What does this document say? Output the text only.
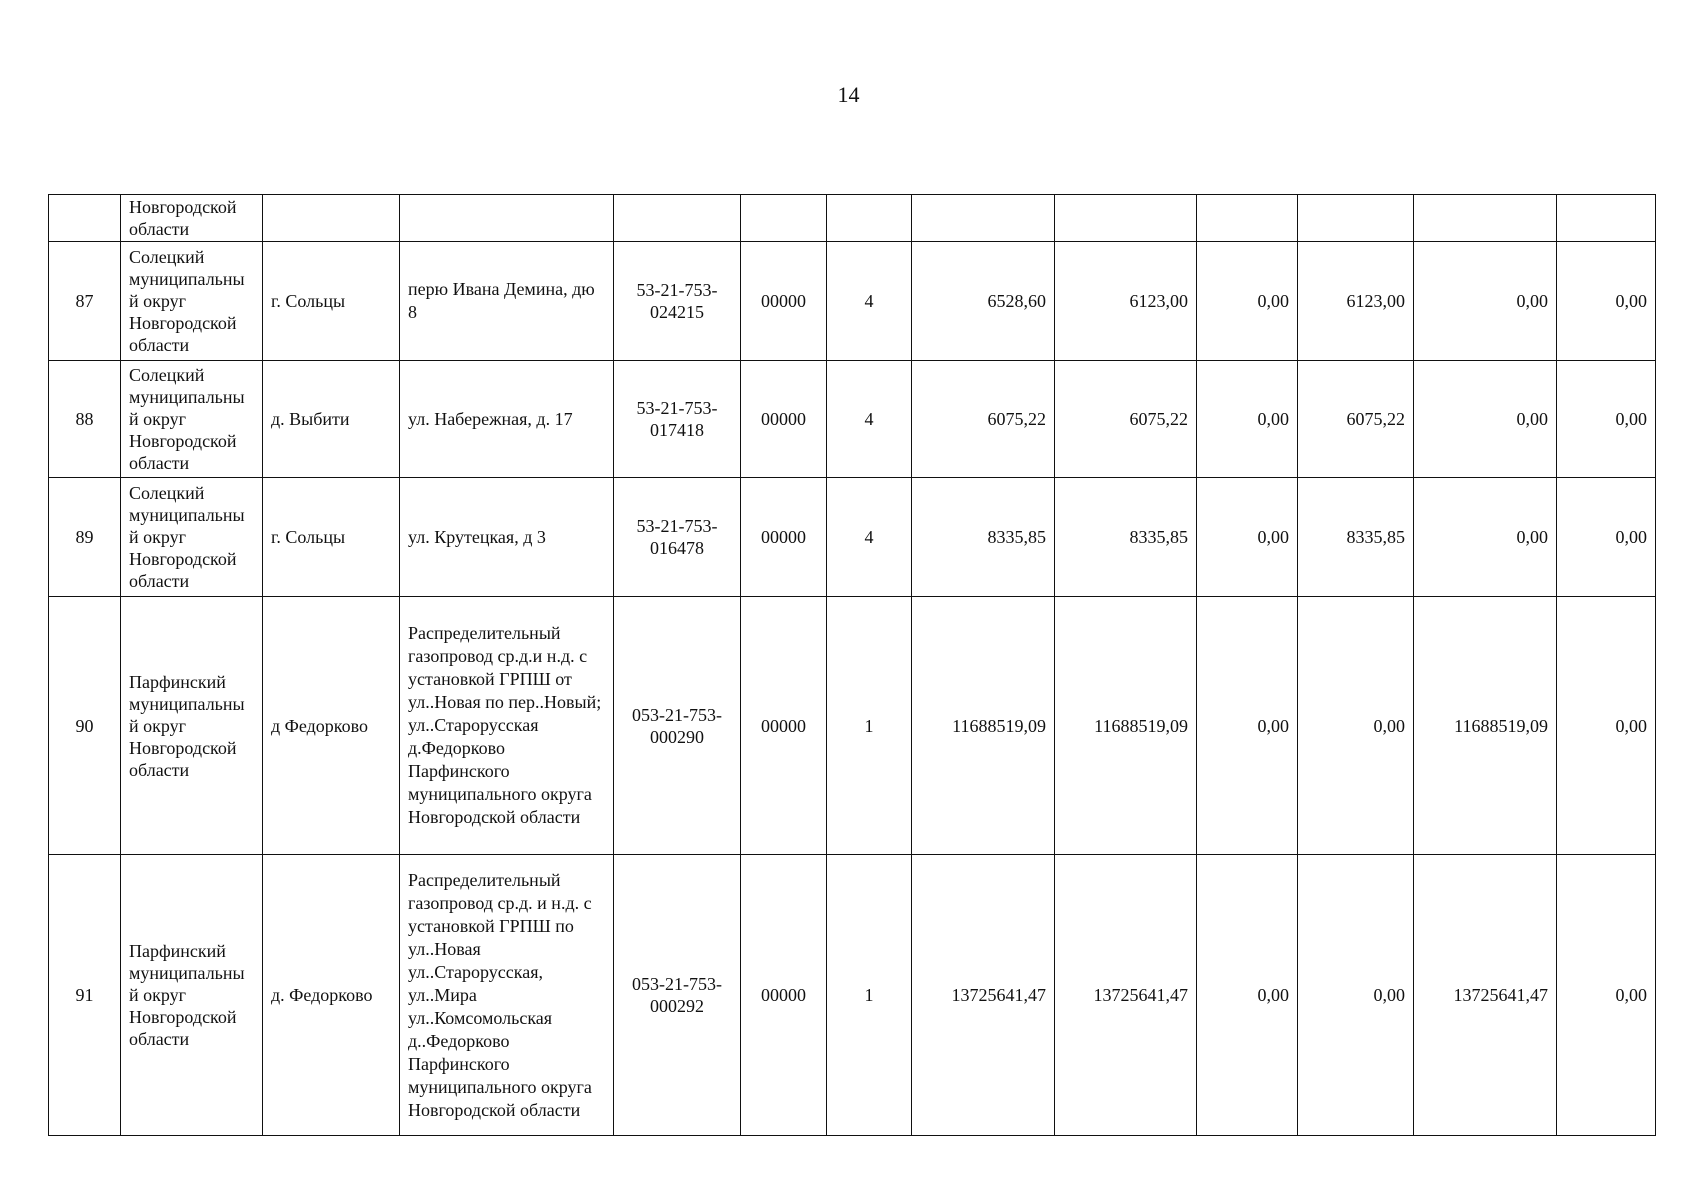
14
	Новгородской области											
87	Солецкий муниципальный округ Новгородской области	г. Сольцы	перю Ивана Демина, дю 8	53-21-753-024215	00000	4	6528,60	6123,00	0,00	6123,00	0,00	0,00
88	Солецкий муниципальный округ Новгородской области	д. Выбити	ул. Набережная, д. 17	53-21-753-017418	00000	4	6075,22	6075,22	0,00	6075,22	0,00	0,00
89	Солецкий муниципальный округ Новгородской области	г. Сольцы	ул. Крутецкая, д 3	53-21-753-016478	00000	4	8335,85	8335,85	0,00	8335,85	0,00	0,00
90	Парфинский муниципальный округ Новгородской области	д Федорково	Распределительный газопровод ср.д.и н.д. с установкой ГРПШ от ул..Новая по пер..Новый; ул..Старорусская д.Федорково Парфинского муниципального округа Новгородской области	053-21-753-000290	00000	1	11688519,09	11688519,09	0,00	0,00	11688519,09	0,00
91	Парфинский муниципальный округ Новгородской области	д. Федорково	Распределительный газопровод ср.д. и н.д. с установкой ГРПШ по ул..Новая ул..Старорусская, ул..Мира ул..Комсомольская д..Федорково Парфинского муниципального округа Новгородской области	053-21-753-000292	00000	1	13725641,47	13725641,47	0,00	0,00	13725641,47	0,00
